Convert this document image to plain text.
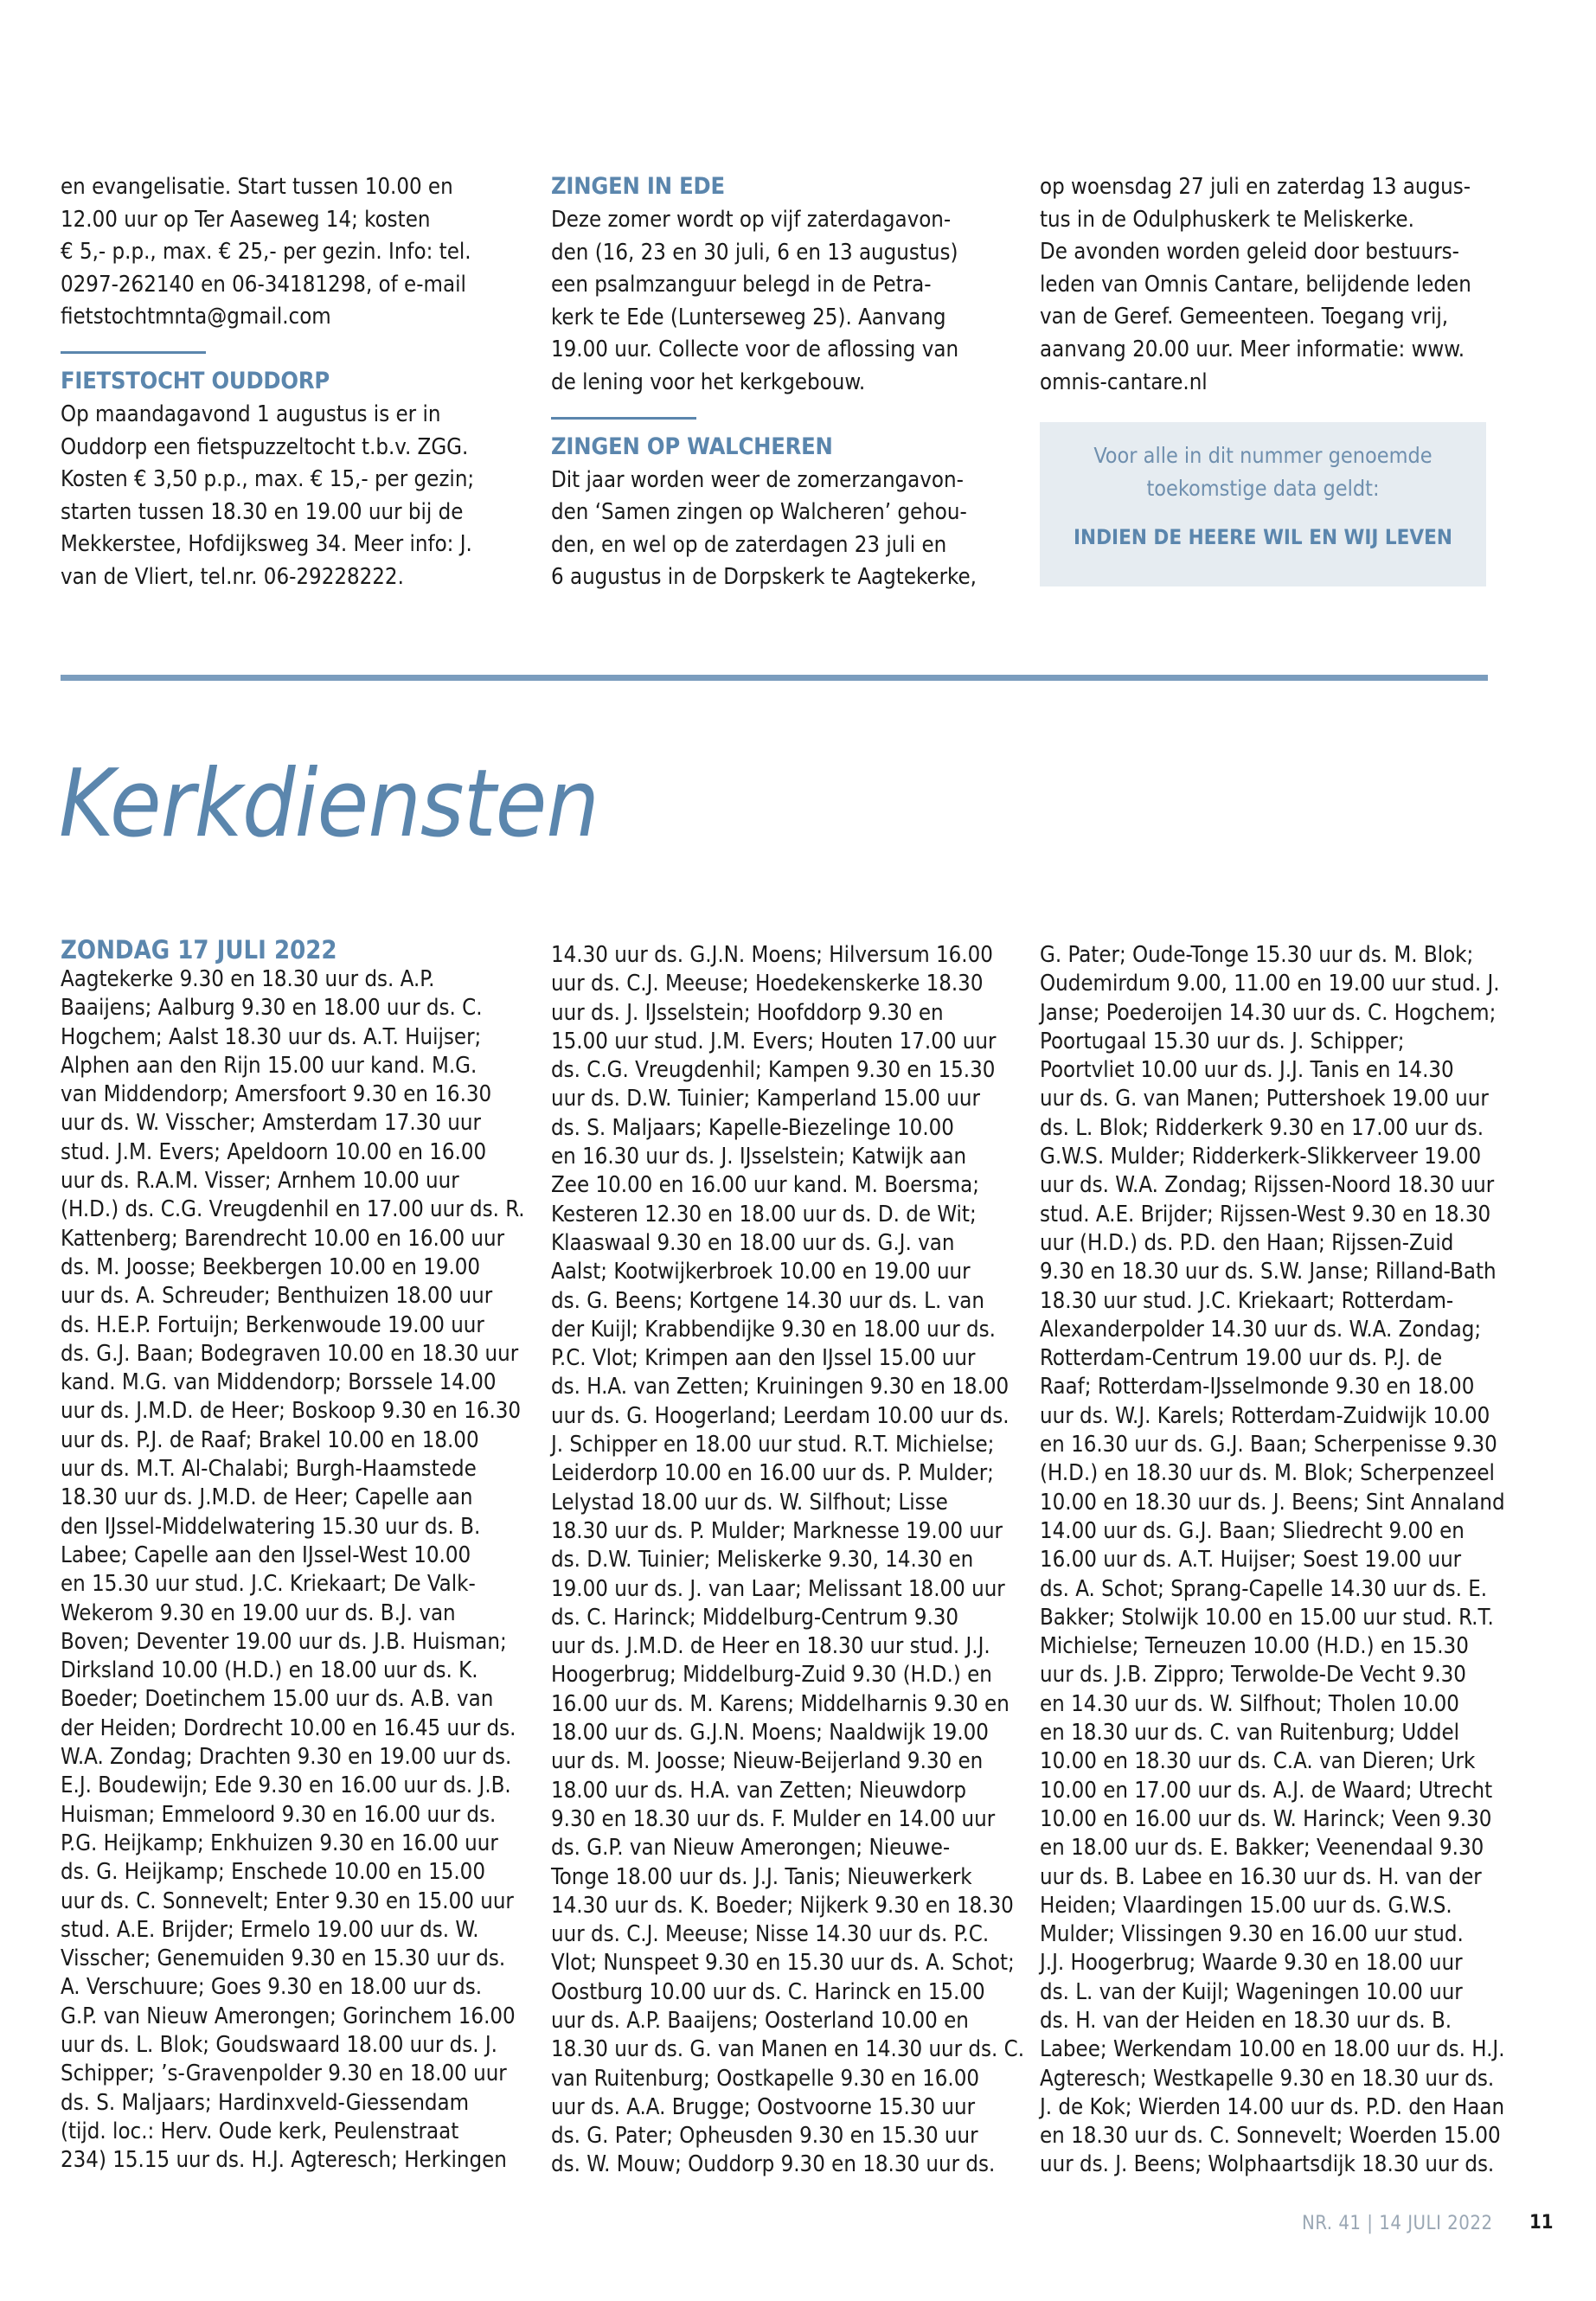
en evangelisatie. Start tussen 10.00 en
12.00 uur op Ter Aaseweg 14; kosten
€ 5,- p.p., max. € 25,- per gezin. Info: tel.
0297-262140 en 06-34181298, of e-mail
fietstochtmnta@gmail.com

FIETSTOCHT OUDDORP

Op maandagavond 1 augustus is er in
Ouddorp een fietspuzzeltocht t.b.v. ZGG.
Kosten € 3,50 p.p., max. € 15,- per gezin;
starten tussen 18.30 en 19.00 uur bij de
Mekkerstee, Hofdijksweg 34. Meer info: J.
van de Vliert, tel.nr. 06-29228222.

ZINGEN IN EDE

Deze zomer wordt op vijf zaterdagavon-
den (16, 23 en 30 juli, 6 en 13 augustus)
een psalmzanguur belegd in de Petra-
kerk te Ede (Lunterseweg 25). Aanvang
19.00 uur. Collecte voor de aflossing van
de lening voor het kerkgebouw.

ZINGEN OP WALCHEREN

Dit jaar worden weer de zomerzangavon-
den ‘Samen zingen op Walcheren’ gehou-
den, en wel op de zaterdagen 23 juli en
6 augustus in de Dorpskerk te Aagtekerke,
op woensdag 27 juli en zaterdag 13 augus-
tus in de Odulphuskerk te Meliskerke.
De avonden worden geleid door bestuurs-
leden van Omnis Cantare, belijdende leden
van de Geref. Gemeenteen. Toegang vrij,
aanvang 20.00 uur. Meer informatie: www.
omnis-cantare.nl
Voor alle in dit nummer genoemde
toekomstige data geldt:
INDIEN DE HEERE WIL EN WIJ LEVEN
Kerkdiensten
ZONDAG 17 JULI 2022
Aagtekerke 9.30 en 18.30 uur ds. A.P.
Baaijens; Aalburg 9.30 en 18.00 uur ds. C.
Hogchem; Aalst 18.30 uur ds. A.T. Huijser;
Alphen aan den Rijn 15.00 uur kand. M.G.
van Middendorp; Amersfoort 9.30 en 16.30
uur ds. W. Visscher; Amsterdam 17.30 uur
stud. J.M. Evers; Apeldoorn 10.00 en 16.00
uur ds. R.A.M. Visser; Arnhem 10.00 uur
(H.D.) ds. C.G. Vreugdenhil en 17.00 uur ds. R.
Kattenberg; Barendrecht 10.00 en 16.00 uur
ds. M. Joosse; Beekbergen 10.00 en 19.00
uur ds. A. Schreuder; Benthuizen 18.00 uur
ds. H.E.P. Fortuijn; Berkenwoude 19.00 uur
ds. G.J. Baan; Bodegraven 10.00 en 18.30 uur
kand. M.G. van Middendorp; Borssele 14.00
uur ds. J.M.D. de Heer; Boskoop 9.30 en 16.30
uur ds. P.J. de Raaf; Brakel 10.00 en 18.00
uur ds. M.T. Al-Chalabi; Burgh-Haamstede
18.30 uur ds. J.M.D. de Heer; Capelle aan
den IJssel-Middelwatering 15.30 uur ds. B.
Labee; Capelle aan den IJssel-West 10.00
en 15.30 uur stud. J.C. Kriekaart; De Valk-
Wekerom 9.30 en 19.00 uur ds. B.J. van
Boven; Deventer 19.00 uur ds. J.B. Huisman;
Dirksland 10.00 (H.D.) en 18.00 uur ds. K.
Boeder; Doetinchem 15.00 uur ds. A.B. van
der Heiden; Dordrecht 10.00 en 16.45 uur ds.
W.A. Zondag; Drachten 9.30 en 19.00 uur ds.
E.J. Boudewijn; Ede 9.30 en 16.00 uur ds. J.B.
Huisman; Emmeloord 9.30 en 16.00 uur ds.
P.G. Heijkamp; Enkhuizen 9.30 en 16.00 uur
ds. G. Heijkamp; Enschede 10.00 en 15.00
uur ds. C. Sonnevelt; Enter 9.30 en 15.00 uur
stud. A.E. Brijder; Ermelo 19.00 uur ds. W.
Visscher; Genemuiden 9.30 en 15.30 uur ds.
A. Verschuure; Goes 9.30 en 18.00 uur ds.
G.P. van Nieuw Amerongen; Gorinchem 16.00
uur ds. L. Blok; Goudswaard 18.00 uur ds. J.
Schipper; ’s-Gravenpolder 9.30 en 18.00 uur
ds. S. Maljaars; Hardinxveld-Giessendam
(tijd. loc.: Herv. Oude kerk, Peulenstraat
234) 15.15 uur ds. H.J. Agteresch; Herkingen
14.30 uur ds. G.J.N. Moens; Hilversum 16.00
uur ds. C.J. Meeuse; Hoedekenskerke 18.30
uur ds. J. IJsselstein; Hoofddorp 9.30 en
15.00 uur stud. J.M. Evers; Houten 17.00 uur
ds. C.G. Vreugdenhil; Kampen 9.30 en 15.30
uur ds. D.W. Tuinier; Kamperland 15.00 uur
ds. S. Maljaars; Kapelle-Biezelinge 10.00
en 16.30 uur ds. J. IJsselstein; Katwijk aan
Zee 10.00 en 16.00 uur kand. M. Boersma;
Kesteren 12.30 en 18.00 uur ds. D. de Wit;
Klaaswaal 9.30 en 18.00 uur ds. G.J. van
Aalst; Kootwijkerbroek 10.00 en 19.00 uur
ds. G. Beens; Kortgene 14.30 uur ds. L. van
der Kuijl; Krabbendijke 9.30 en 18.00 uur ds.
P.C. Vlot; Krimpen aan den IJssel 15.00 uur
ds. H.A. van Zetten; Kruiningen 9.30 en 18.00
uur ds. G. Hoogerland; Leerdam 10.00 uur ds.
J. Schipper en 18.00 uur stud. R.T. Michielse;
Leiderdorp 10.00 en 16.00 uur ds. P. Mulder;
Lelystad 18.00 uur ds. W. Silfhout; Lisse
18.30 uur ds. P. Mulder; Marknesse 19.00 uur
ds. D.W. Tuinier; Meliskerke 9.30, 14.30 en
19.00 uur ds. J. van Laar; Melissant 18.00 uur
ds. C. Harinck; Middelburg-Centrum 9.30
uur ds. J.M.D. de Heer en 18.30 uur stud. J.J.
Hoogerbrug; Middelburg-Zuid 9.30 (H.D.) en
16.00 uur ds. M. Karens; Middelharnis 9.30 en
18.00 uur ds. G.J.N. Moens; Naaldwijk 19.00
uur ds. M. Joosse; Nieuw-Beijerland 9.30 en
18.00 uur ds. H.A. van Zetten; Nieuwdorp
9.30 en 18.30 uur ds. F. Mulder en 14.00 uur
ds. G.P. van Nieuw Amerongen; Nieuwe-
Tonge 18.00 uur ds. J.J. Tanis; Nieuwerkerk
14.30 uur ds. K. Boeder; Nijkerk 9.30 en 18.30
uur ds. C.J. Meeuse; Nisse 14.30 uur ds. P.C.
Vlot; Nunspeet 9.30 en 15.30 uur ds. A. Schot;
Oostburg 10.00 uur ds. C. Harinck en 15.00
uur ds. A.P. Baaijens; Oosterland 10.00 en
18.30 uur ds. G. van Manen en 14.30 uur ds. C.
van Ruitenburg; Oostkapelle 9.30 en 16.00
uur ds. A.A. Brugge; Oostvoorne 15.30 uur
ds. G. Pater; Opheusden 9.30 en 15.30 uur
ds. W. Mouw; Ouddorp 9.30 en 18.30 uur ds.
G. Pater; Oude-Tonge 15.30 uur ds. M. Blok;
Oudemirdum 9.00, 11.00 en 19.00 uur stud. J.
Janse; Poederoijen 14.30 uur ds. C. Hogchem;
Poortugaal 15.30 uur ds. J. Schipper;
Poortvliet 10.00 uur ds. J.J. Tanis en 14.30
uur ds. G. van Manen; Puttershoek 19.00 uur
ds. L. Blok; Ridderkerk 9.30 en 17.00 uur ds.
G.W.S. Mulder; Ridderkerk-Slikkerveer 19.00
uur ds. W.A. Zondag; Rijssen-Noord 18.30 uur
stud. A.E. Brijder; Rijssen-West 9.30 en 18.30
uur (H.D.) ds. P.D. den Haan; Rijssen-Zuid
9.30 en 18.30 uur ds. S.W. Janse; Rilland-Bath
18.30 uur stud. J.C. Kriekaart; Rotterdam-
Alexanderpolder 14.30 uur ds. W.A. Zondag;
Rotterdam-Centrum 19.00 uur ds. P.J. de
Raaf; Rotterdam-IJsselmonde 9.30 en 18.00
uur ds. W.J. Karels; Rotterdam-Zuidwijk 10.00
en 16.30 uur ds. G.J. Baan; Scherpenisse 9.30
(H.D.) en 18.30 uur ds. M. Blok; Scherpenzeel
10.00 en 18.30 uur ds. J. Beens; Sint Annaland
14.00 uur ds. G.J. Baan; Sliedrecht 9.00 en
16.00 uur ds. A.T. Huijser; Soest 19.00 uur
ds. A. Schot; Sprang-Capelle 14.30 uur ds. E.
Bakker; Stolwijk 10.00 en 15.00 uur stud. R.T.
Michielse; Terneuzen 10.00 (H.D.) en 15.30
uur ds. J.B. Zippro; Terwolde-De Vecht 9.30
en 14.30 uur ds. W. Silfhout; Tholen 10.00
en 18.30 uur ds. C. van Ruitenburg; Uddel
10.00 en 18.30 uur ds. C.A. van Dieren; Urk
10.00 en 17.00 uur ds. A.J. de Waard; Utrecht
10.00 en 16.00 uur ds. W. Harinck; Veen 9.30
en 18.00 uur ds. E. Bakker; Veenendaal 9.30
uur ds. B. Labee en 16.30 uur ds. H. van der
Heiden; Vlaardingen 15.00 uur ds. G.W.S.
Mulder; Vlissingen 9.30 en 16.00 uur stud.
J.J. Hoogerbrug; Waarde 9.30 en 18.00 uur
ds. L. van der Kuijl; Wageningen 10.00 uur
ds. H. van der Heiden en 18.30 uur ds. B.
Labee; Werkendam 10.00 en 18.00 uur ds. H.J.
Agteresch; Westkapelle 9.30 en 18.30 uur ds.
J. de Kok; Wierden 14.00 uur ds. P.D. den Haan
en 18.30 uur ds. C. Sonnevelt; Woerden 15.00
uur ds. J. Beens; Wolphaartsdijk 18.30 uur ds.
NR. 41 | 14 JULI 2022 11
